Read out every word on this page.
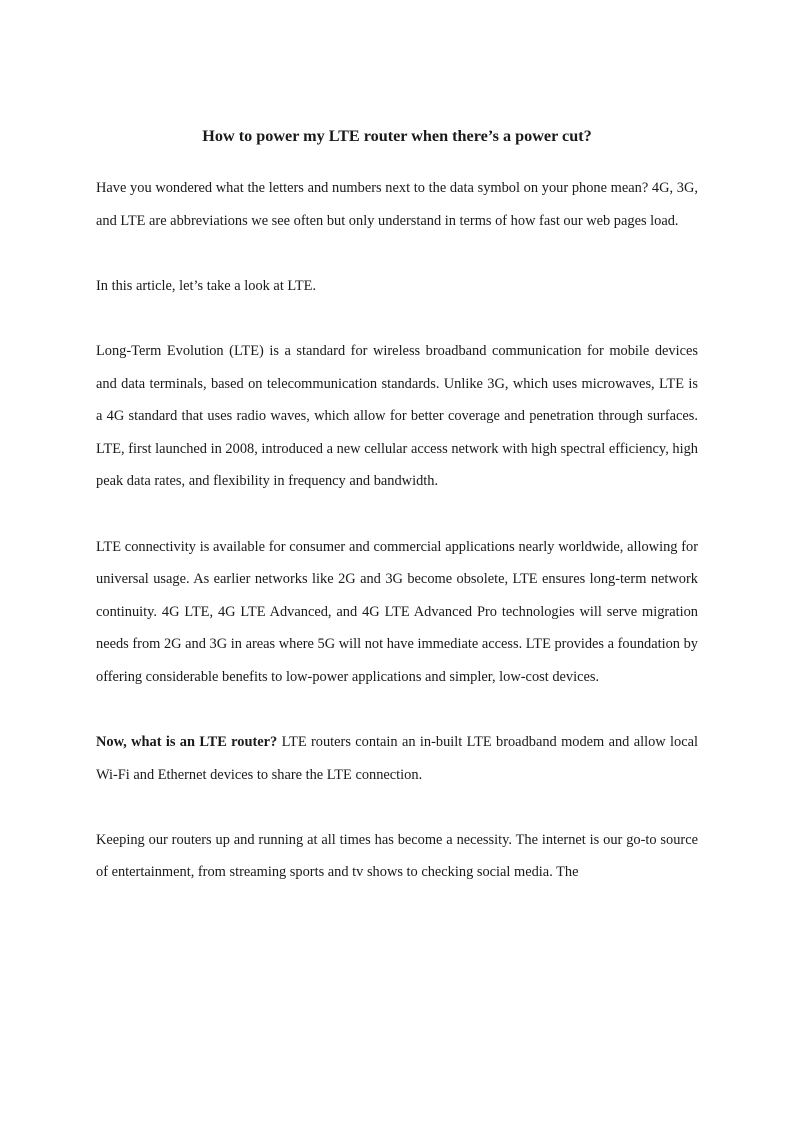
How to power my LTE router when there’s a power cut?

Have you wondered what the letters and numbers next to the data symbol on your phone mean? 4G, 3G, and LTE are abbreviations we see often but only understand in terms of how fast our web pages load.

In this article, let’s take a look at LTE.

Long-Term Evolution (LTE) is a standard for wireless broadband communication for mobile devices and data terminals, based on telecommunication standards. Unlike 3G, which uses microwaves, LTE is a 4G standard that uses radio waves, which allow for better coverage and penetration through surfaces. LTE, first launched in 2008, introduced a new cellular access network with high spectral efficiency, high peak data rates, and flexibility in frequency and bandwidth.

LTE connectivity is available for consumer and commercial applications nearly worldwide, allowing for universal usage. As earlier networks like 2G and 3G become obsolete, LTE ensures long-term network continuity. 4G LTE, 4G LTE Advanced, and 4G LTE Advanced Pro technologies will serve migration needs from 2G and 3G in areas where 5G will not have immediate access. LTE provides a foundation by offering considerable benefits to low-power applications and simpler, low-cost devices.

Now, what is an LTE router? LTE routers contain an in-built LTE broadband modem and allow local Wi-Fi and Ethernet devices to share the LTE connection.

Keeping our routers up and running at all times has become a necessity. The internet is our go-to source of entertainment, from streaming sports and tv shows to checking social media. The
